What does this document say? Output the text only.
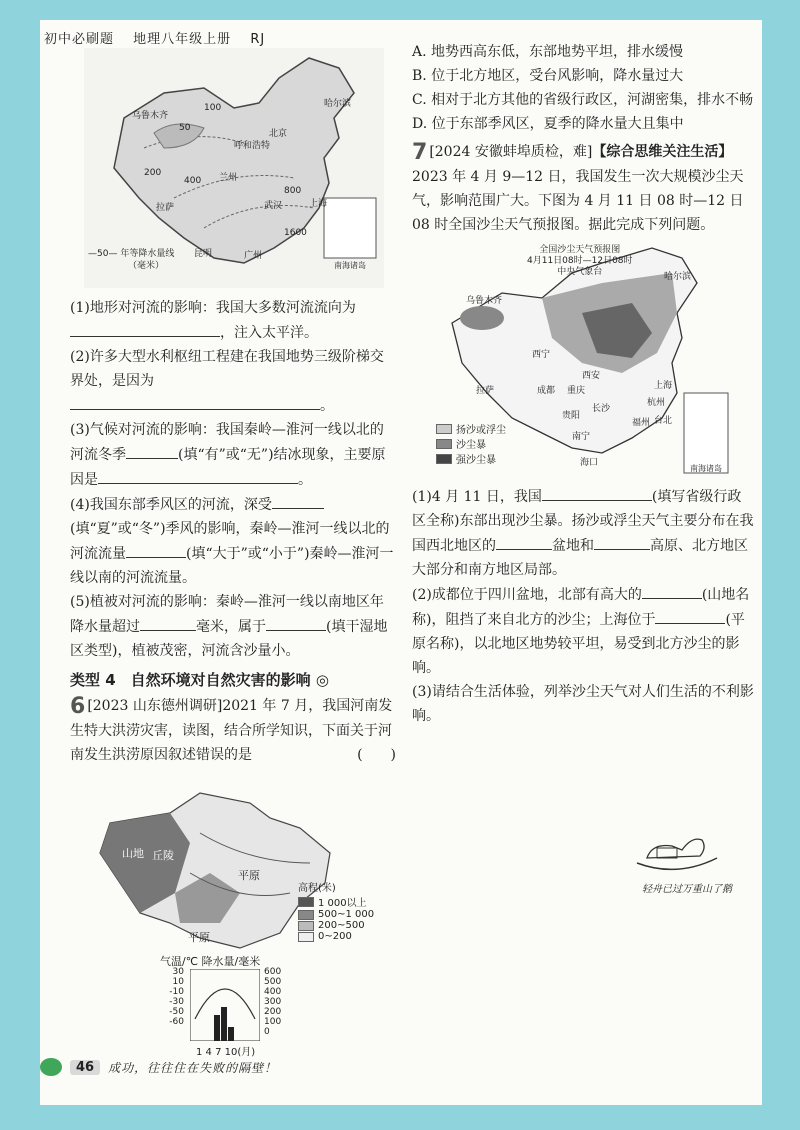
初中必刷题 地理八年级上册 RJ
乌鲁木齐
呼和浩特
北京
哈尔滨
兰州
武汉	上海
拉萨
昆明	广州
400
800
1600
200
100
50
—50— 年等降水量线
（毫米）	南海诸岛

(1)地形对河流的影响：我国大多数河流流向为
，注入太平洋。

(2)许多大型水利枢纽工程建在我国地势三级阶梯交界处，是因为 。

(3)气候对河流的影响：我国秦岭—淮河一线以北的河流冬季	(填“有”或“无”)结冰现象，主要原因是	。

(4)我国东部季风区的河流，深受(填“夏”或“冬”)季风的影响，秦岭—淮河一线以北的河流流量	(填“大于”或“小于”)秦岭—淮河一线以南的河流流量。

(5)植被对河流的影响：秦岭—淮河一线以南地区年降水量超过	毫米，属于	(填干湿地区类型)，植被茂密，河流含沙量小。

类型 4　自然环境对自然灾害的影响 ◎

6 [2023 山东德州调研]2021 年 7 月，我国河南发生特大洪涝灾害，读图，结合所学知识，下面关于河南发生洪涝原因叙述错误的是	(　　)

山地 丘陵
平原
平原
高程(米)
1 000以上
500~1 000
200~500
0~200
气温/℃ 降水量/毫米
30
10
-10
-30
-50
-60
600
500
400
300
200
100
0
1 4 7 10(月)

A. 地势西高东低，东部地势平坦，排水缓慢

B. 位于北方地区，受台风影响，降水量过大

C. 相对于北方其他的省级行政区，河湖密集，排水不畅

D. 位于东部季风区，夏季的降水量大且集中

7 [2024 安徽蚌埠质检，难]【综合思维关注生活】2023 年 4 月 9—12 日，我国发生一次大规模沙尘天气，影响范围广大。下图为 4 月 11 日 08 时—12 日 08 时全国沙尘天气预报图。据此完成下列问题。

全国沙尘天气预报图
4月11日08时—12日08时
中央气象台
乌鲁木齐
哈尔滨
西宁
拉萨	成都 重庆
西安
上海
长沙
贵阳
南宁
海口
台北
福州
杭州
扬沙或浮尘
沙尘暴
强沙尘暴
南海诸岛

(1)4 月 11 日，我国	(填写省级行政区全称)东部出现沙尘暴。扬沙或浮尘天气主要分布在我国西北地区的	盆地和	高原、北方地区大部分和南方地区局部。

(2)成都位于四川盆地，北部有高大的	(山地名称)，阻挡了来自北方的沙尘；上海位于	(平原名称)，以北地区地势较平坦，易受到北方沙尘的影响。

(3)请结合生活体验，列举沙尘天气对人们生活的不利影响。

轻舟已过万重山了鹅
46	成功，往往住在失败的隔壁！
